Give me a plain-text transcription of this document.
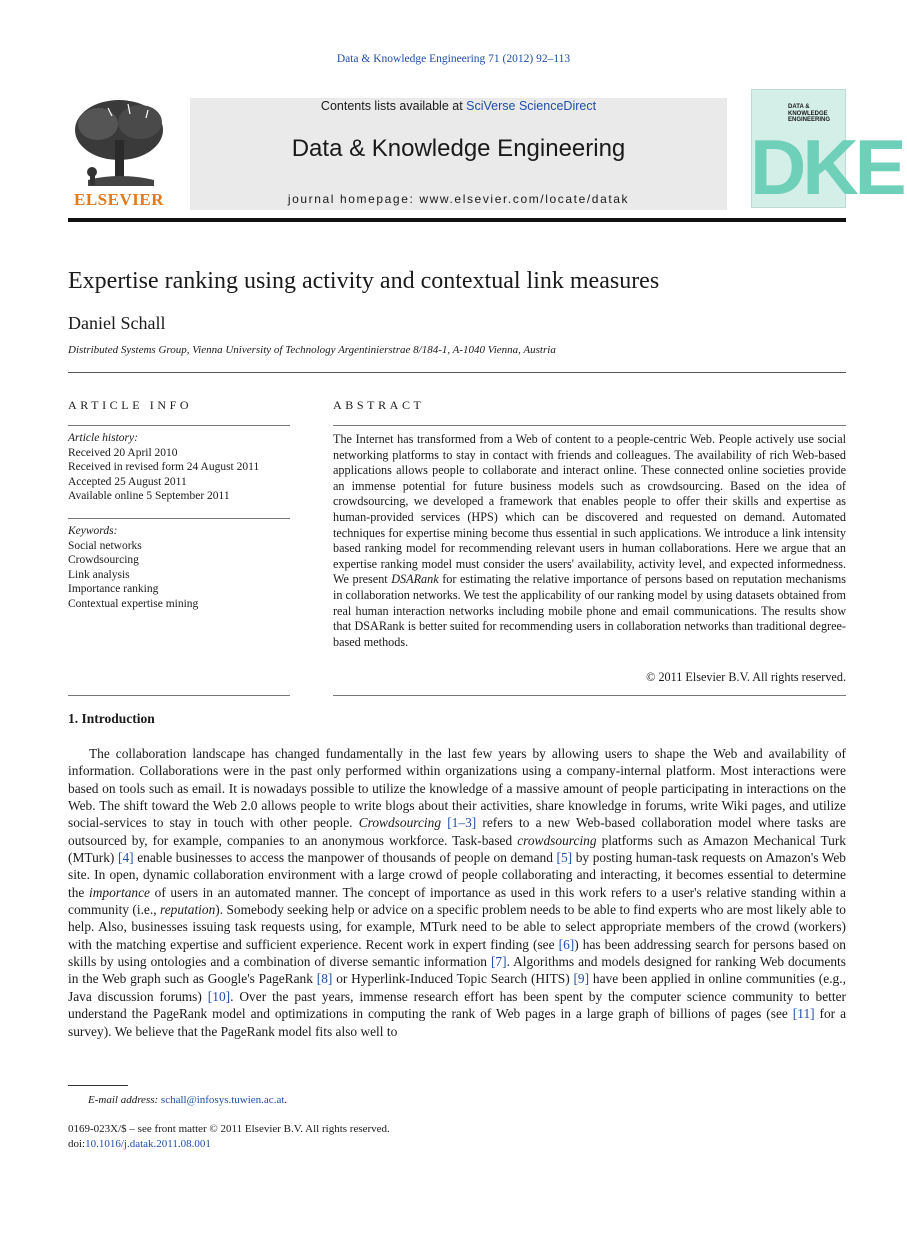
Data & Knowledge Engineering 71 (2012) 92–113
ELSEVIER
Contents lists available at SciVerse ScienceDirect
Data & Knowledge Engineering
journal homepage: www.elsevier.com/locate/datak
DATA &
KNOWLEDGE
ENGINEERING
DKE
Expertise ranking using activity and contextual link measures
Daniel Schall
Distributed Systems Group, Vienna University of Technology Argentinierstrae 8/184-1, A-1040 Vienna, Austria
ARTICLE INFO
Article history:
Received 20 April 2010
Received in revised form 24 August 2011
Accepted 25 August 2011
Available online 5 September 2011
Keywords:
Social networks
Crowdsourcing
Link analysis
Importance ranking
Contextual expertise mining
ABSTRACT
The Internet has transformed from a Web of content to a people-centric Web. People actively use social networking platforms to stay in contact with friends and colleagues. The availability of rich Web-based applications allows people to collaborate and interact online. These connected online societies provide an immense potential for future business models such as crowdsourcing. Based on the idea of crowdsourcing, we developed a framework that enables people to offer their skills and expertise as human-provided services (HPS) which can be discovered and requested on demand. Automated techniques for expertise mining become thus essential in such applications. We introduce a link intensity based ranking model for recommending relevant users in human collaborations. Here we argue that an expertise ranking model must consider the users' availability, activity level, and expected informedness. We present DSARank for estimating the relative importance of persons based on reputation mechanisms in collaboration networks. We test the applicability of our ranking model by using datasets obtained from real human interaction networks including mobile phone and email communications. The results show that DSARank is better suited for recommending users in collaboration networks than traditional degree-based methods.
© 2011 Elsevier B.V. All rights reserved.
1. Introduction

The collaboration landscape has changed fundamentally in the last few years by allowing users to shape the Web and availability of information. Collaborations were in the past only performed within organizations using a company-internal platform. Most interactions were based on tools such as email. It is nowadays possible to utilize the knowledge of a massive amount of people participating in interactions on the Web. The shift toward the Web 2.0 allows people to write blogs about their activities, share knowledge in forums, write Wiki pages, and utilize social-services to stay in touch with other people. Crowdsourcing [1–3] refers to a new Web-based collaboration model where tasks are outsourced by, for example, companies to an anonymous workforce. Task-based crowdsourcing platforms such as Amazon Mechanical Turk (MTurk) [4] enable businesses to access the manpower of thousands of people on demand [5] by posting human-task requests on Amazon's Web site. In open, dynamic collaboration environment with a large crowd of people collaborating and interacting, it becomes essential to determine the importance of users in an automated manner. The concept of importance as used in this work refers to a user's relative standing within a community (i.e., reputation). Somebody seeking help or advice on a specific problem needs to be able to find experts who are most likely able to help. Also, businesses issuing task requests using, for example, MTurk need to be able to select appropriate members of the crowd (workers) with the matching expertise and sufficient experience. Recent work in expert finding (see [6]) has been addressing search for persons based on skills by using ontologies and a combination of diverse semantic information [7]. Algorithms and models designed for ranking Web documents in the Web graph such as Google's PageRank [8] or Hyperlink-Induced Topic Search (HITS) [9] have been applied in online communities (e.g., Java discussion forums) [10]. Over the past years, immense research effort has been spent by the computer science community to better understand the PageRank model and optimizations in computing the rank of Web pages in a large graph of billions of pages (see [11] for a survey). We believe that the PageRank model fits also well to

E-mail address: schall@infosys.tuwien.ac.at.
0169-023X/$ – see front matter © 2011 Elsevier B.V. All rights reserved.
doi:10.1016/j.datak.2011.08.001
